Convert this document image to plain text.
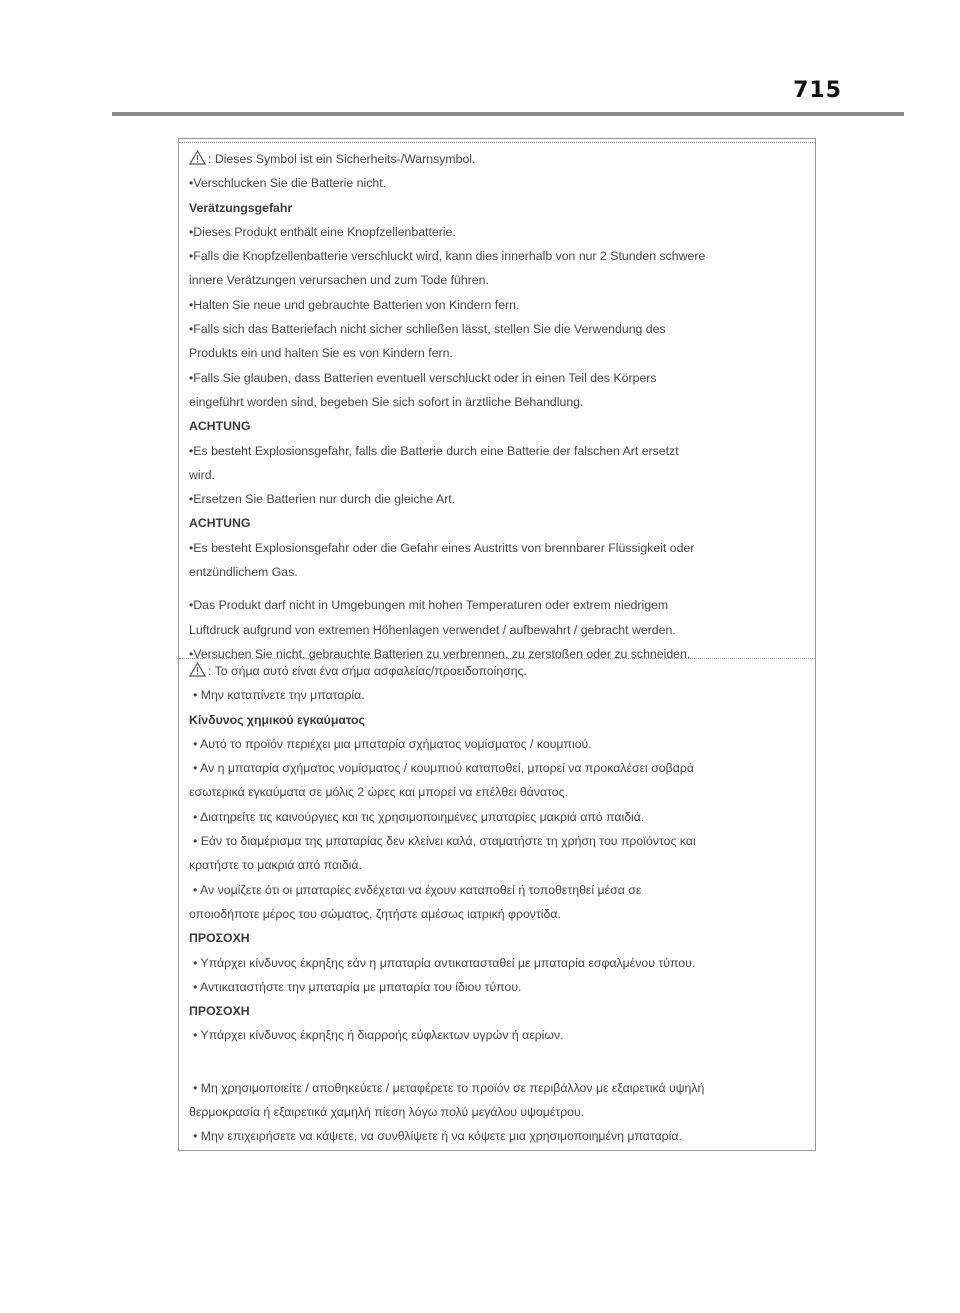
715
: Dieses Symbol ist ein Sicherheits-/Warnsymbol.
•Verschlucken Sie die Batterie nicht.
Verätzungsgefahr
•Dieses Produkt enthält eine Knopfzellenbatterie.
•Falls die Knopfzellenbatterie verschluckt wird, kann dies innerhalb von nur 2 Stunden schwere
innere Verätzungen verursachen und zum Tode führen.
•Halten Sie neue und gebrauchte Batterien von Kindern fern.
•Falls sich das Batteriefach nicht sicher schließen lässt, stellen Sie die Verwendung des
Produkts ein und halten Sie es von Kindern fern.
•Falls Sie glauben, dass Batterien eventuell verschluckt oder in einen Teil des Körpers
eingeführt worden sind, begeben Sie sich sofort in ärztliche Behandlung.
ACHTUNG
•Es besteht Explosionsgefahr, falls die Batterie durch eine Batterie der falschen Art ersetzt
wird.
•Ersetzen Sie Batterien nur durch die gleiche Art.
ACHTUNG
•Es besteht Explosionsgefahr oder die Gefahr eines Austritts von brennbarer Flüssigkeit oder
entzündlichem Gas.
•Das Produkt darf nicht in Umgebungen mit hohen Temperaturen oder extrem niedrigem
Luftdruck aufgrund von extremen Höhenlagen verwendet / aufbewahrt / gebracht werden.
•Versuchen Sie nicht, gebrauchte Batterien zu verbrennen, zu zerstoßen oder zu schneiden.
: Το σήμα αυτό είναι ένα σήμα ασφαλείας/προειδοποίησης.
• Μην καταπίνετε την μπαταρία.
Κίνδυνος χημικού εγκαύματος
• Αυτό το προϊόν περιέχει μια μπαταρία σχήματος νομίσματος / κουμπιού.
• Αν η μπαταρία σχήματος νομίσματος / κουμπιού καταποθεί, μπορεί να προκαλέσει σοβαρά
εσωτερικά εγκαύματα σε μόλις 2 ώρες και μπορεί να επέλθει θάνατος.
• Διατηρείτε τις καινούργιες και τις χρησιμοποιημένες μπαταρίες μακριά από παιδιά.
• Εάν το διαμέρισμα της μπαταρίας δεν κλείνει καλά, σταματήστε τη χρήση του προϊόντος και
κρατήστε το μακριά από παιδιά.
• Αν νομίζετε ότι οι μπαταρίες ενδέχεται να έχουν καταποθεί ή τοποθετηθεί μέσα σε
οποιοδήποτε μέρος του σώματος, ζητήστε αμέσως ιατρική φροντίδα.
ΠΡΟΣΟΧΗ
• Υπάρχει κίνδυνος έκρηξης εάν η μπαταρία αντικατασταθεί με μπαταρία εσφαλμένου τύπου.
• Αντικαταστήστε την μπαταρία με μπαταρία του ίδιου τύπου.
ΠΡΟΣΟΧΗ
• Υπάρχει κίνδυνος έκρηξης ή διαρροής εύφλεκτων υγρών ή αερίων.
• Μη χρησιμοποιείτε / αποθηκεύετε / μεταφέρετε το προϊόν σε περιβάλλον με εξαιρετικά υψηλή
θερμοκρασία ή εξαιρετικά χαμηλή πίεση λόγω πολύ μεγάλου υψομέτρου.
• Μην επιχειρήσετε να κάψετε, να συνθλίψετε ή να κόψετε μια χρησιμοποιημένη μπαταρία.
